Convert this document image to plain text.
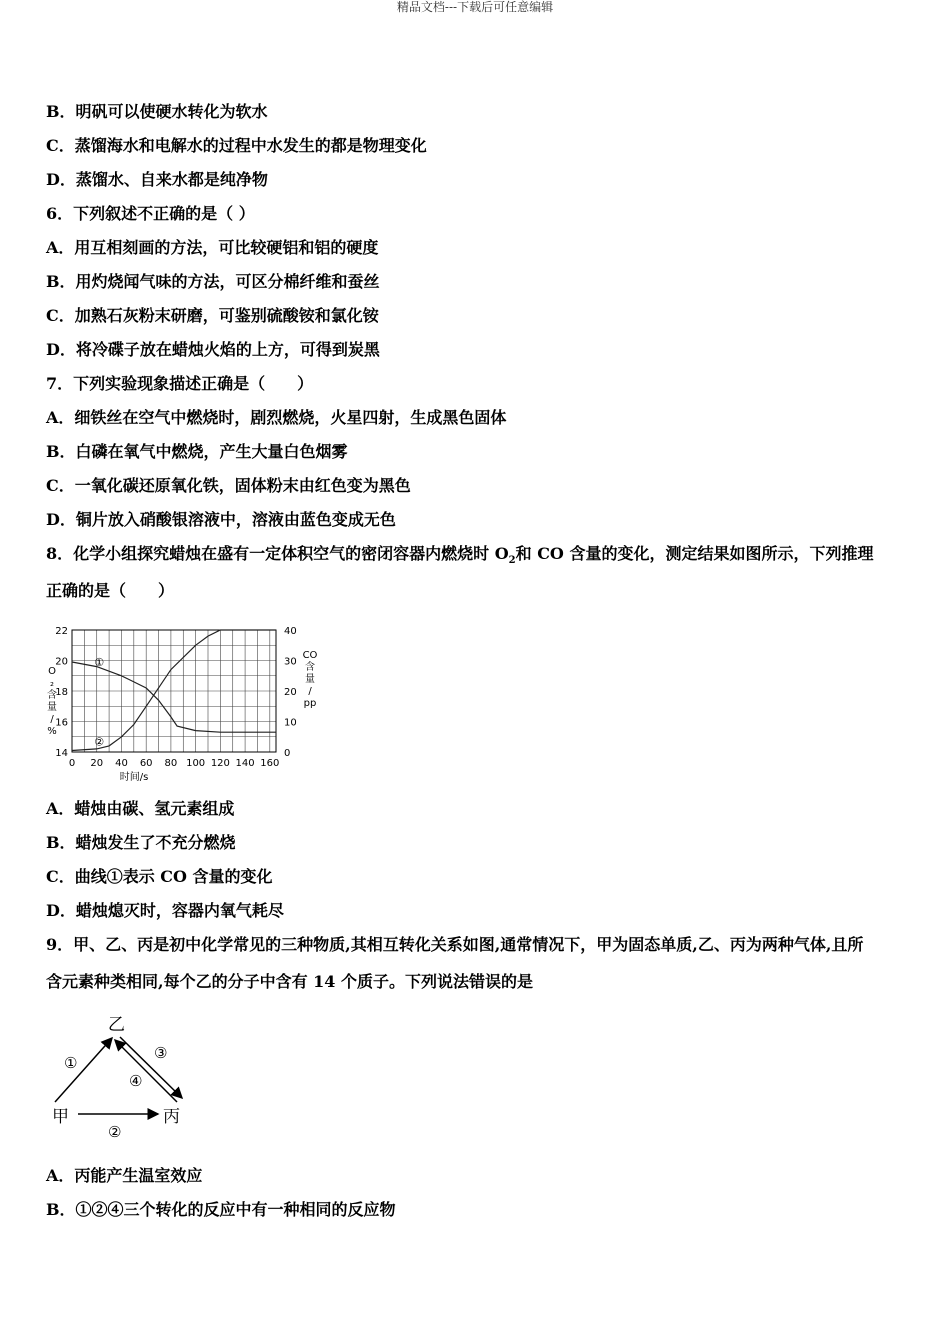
精品文档---下载后可任意编辑
B．明矾可以使硬水转化为软水
C．蒸馏海水和电解水的过程中水发生的都是物理变化
D．蒸馏水、自来水都是纯净物
6．下列叙述不正确的是（ ）
A．用互相刻画的方法，可比较硬铝和铝的硬度
B．用灼烧闻气味的方法，可区分棉纤维和蚕丝
C．加熟石灰粉末研磨，可鉴别硫酸铵和氯化铵
D．将冷碟子放在蜡烛火焰的上方，可得到炭黑
7．下列实验现象描述正确是（　　）
A．细铁丝在空气中燃烧时，剧烈燃烧，火星四射，生成黑色固体
B．白磷在氧气中燃烧，产生大量白色烟雾
C．一氧化碳还原氧化铁，固体粉末由红色变为黑色
D．铜片放入硝酸银溶液中，溶液由蓝色变成无色
8．化学小组探究蜡烛在盛有一定体积空气的密闭容器内燃烧时 $O_2$和 CO 含量的变化，测定结果如图所示，下列推理
正确的是（　　）
0 20 40 60 80 100 120 140 160
14
16
18
20
22
0
10
20
30
40
时间/s
O ₂ 含量/ %
CO 含量/ pp
①
②
A．蜡烛由碳、氢元素组成
B．蜡烛发生了不充分燃烧
C．曲线①表示 CO 含量的变化
D．蜡烛熄灭时，容器内氧气耗尽
9．甲、乙、丙是初中化学常见的三种物质,其相互转化关系如图,通常情况下，甲为固态单质,乙、丙为两种气体,且所
含元素种类相同,每个乙的分子中含有 14 个质子。下列说法错误的是
乙
甲	丙
①
③
④
②
A．丙能产生温室效应
B．①②④三个转化的反应中有一种相同的反应物
